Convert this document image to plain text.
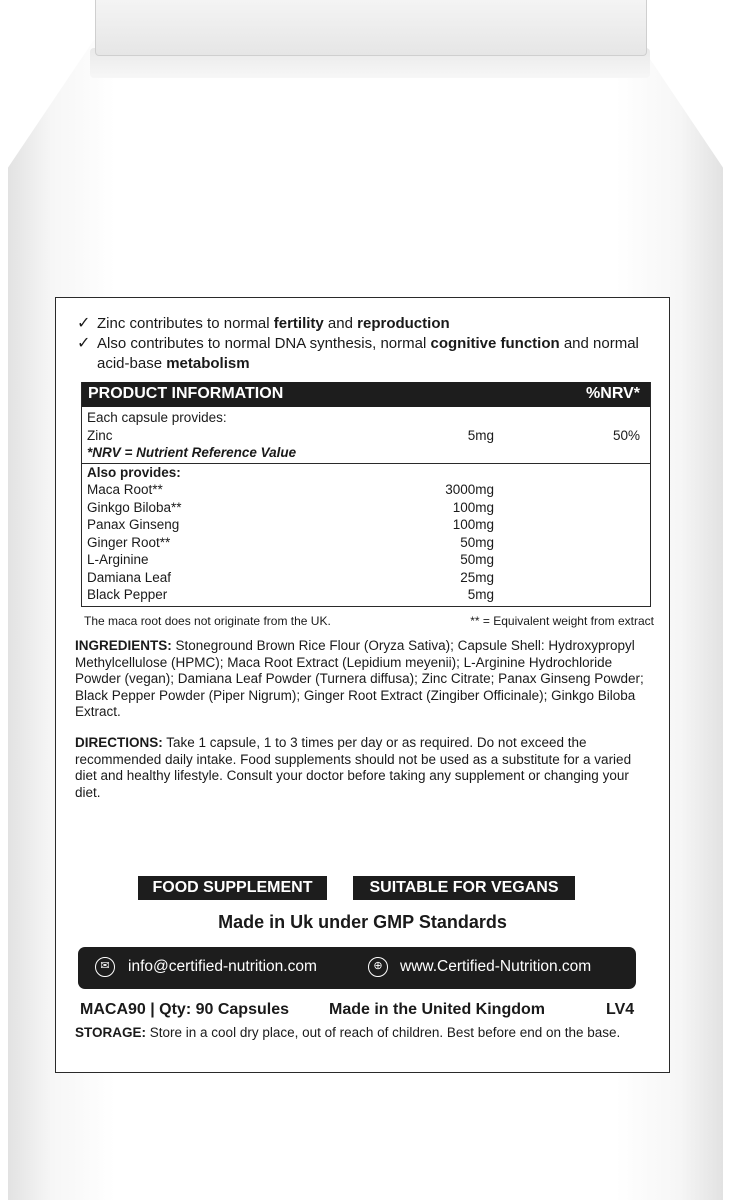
✓ Zinc contributes to normal fertility and reproduction
✓ Also contributes to normal DNA synthesis, normal cognitive function and normal acid-base metabolism
PRODUCT INFORMATION	%NRV*
Each capsule provides:
Zinc	5mg	50%
*NRV = Nutrient Reference Value
Also provides:
Maca Root**	3000mg
Ginkgo Biloba**	100mg
Panax Ginseng	100mg
Ginger Root**	50mg
L-Arginine	50mg
Damiana Leaf	25mg
Black Pepper	5mg
The maca root does not originate from the UK.	** = Equivalent weight from extract
INGREDIENTS: Stoneground Brown Rice Flour (Oryza Sativa); Capsule Shell: Hydroxypropyl Methylcellulose (HPMC); Maca Root Extract (Lepidium meyenii); L-Arginine Hydrochloride Powder (vegan); Damiana Leaf Powder (Turnera diffusa); Zinc Citrate; Panax Ginseng Powder; Black Pepper Powder (Piper Nigrum); Ginger Root Extract (Zingiber Officinale); Ginkgo Biloba Extract.
DIRECTIONS: Take 1 capsule, 1 to 3 times per day or as required. Do not exceed the recommended daily intake. Food supplements should not be used as a substitute for a varied diet and healthy lifestyle. Consult your doctor before taking any supplement or changing your diet.
FOOD SUPPLEMENT	SUITABLE FOR VEGANS
Made in Uk under GMP Standards
✉	info@certified-nutrition.com	⊕	www.Certified-Nutrition.com
MACA90 | Qty: 90 Capsules	Made in the United Kingdom	LV4
STORAGE: Store in a cool dry place, out of reach of children. Best before end on the base.
